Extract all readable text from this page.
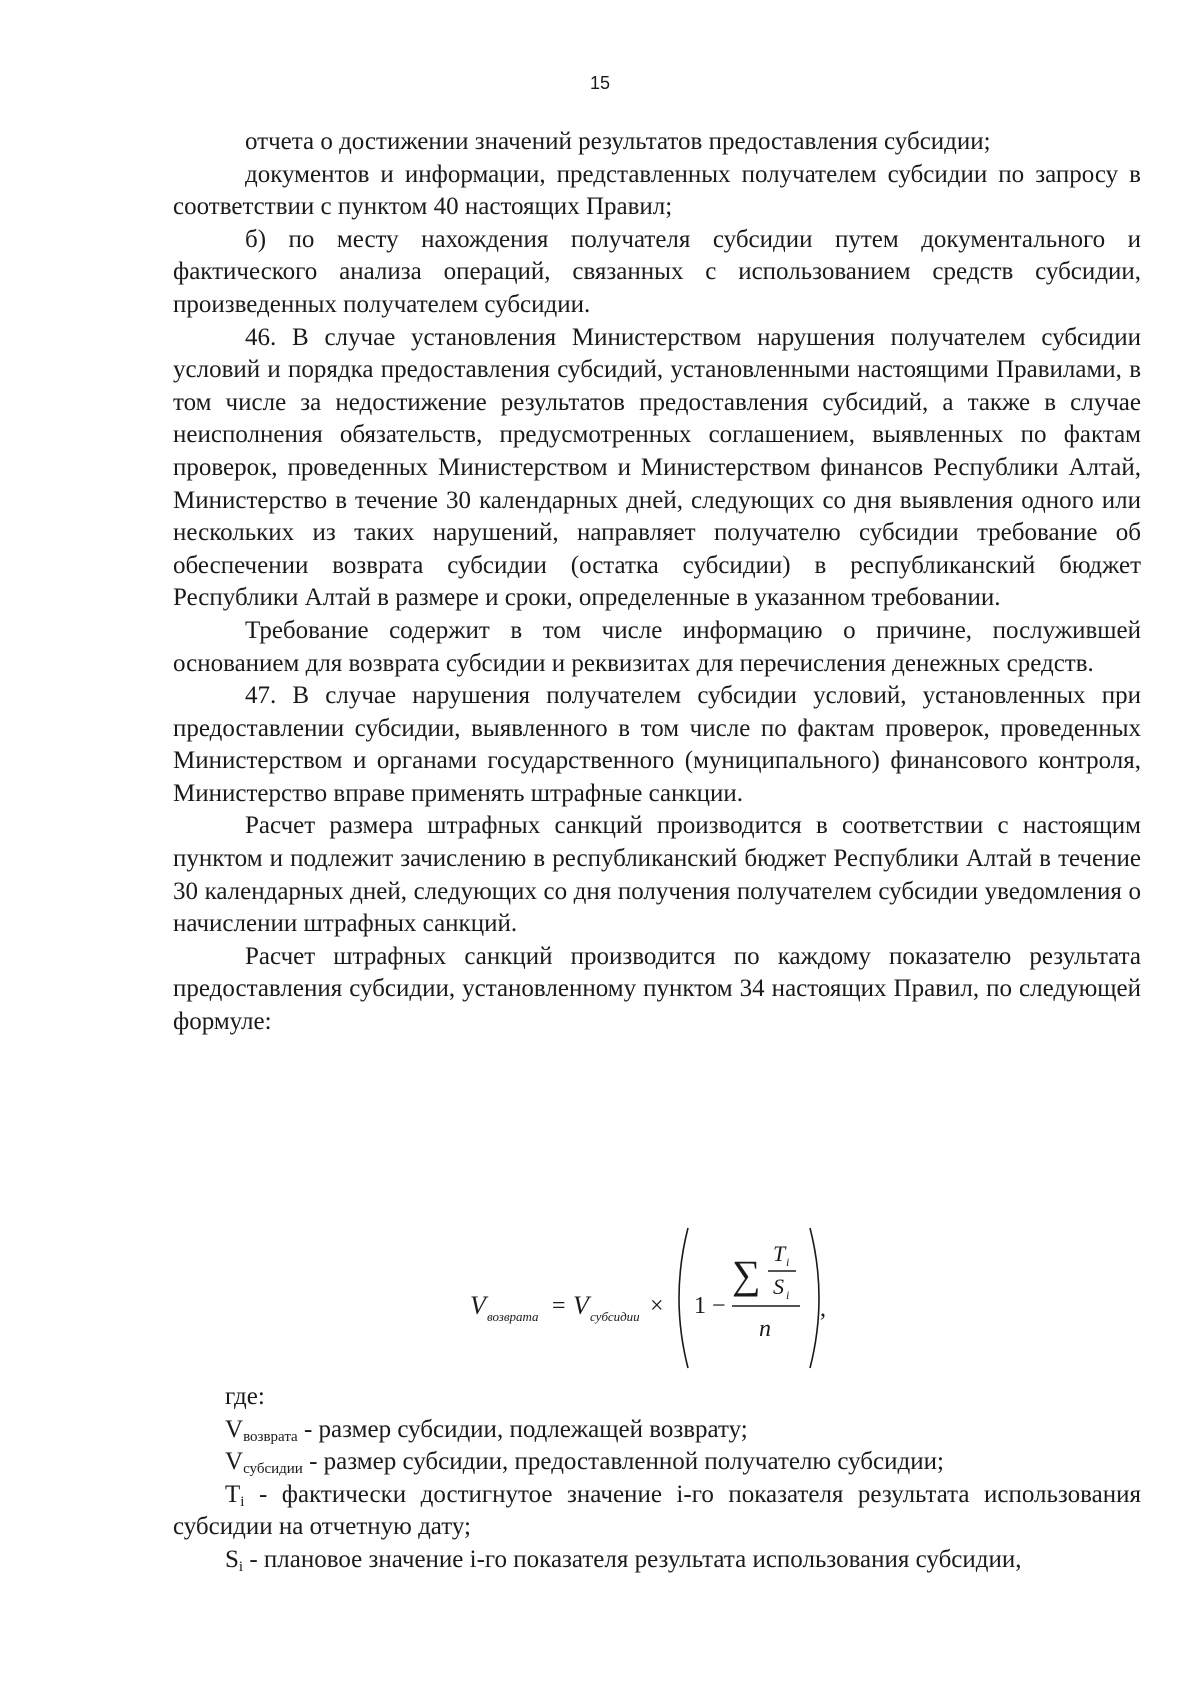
15

отчета о достижении значений результатов предоставления субсидии;

документов и информации, представленных получателем субсидии по запросу в соответствии с пунктом 40 настоящих Правил;

б) по месту нахождения получателя субсидии путем документального и фактического анализа операций, связанных с использованием средств субсидии, произведенных получателем субсидии.

46. В случае установления Министерством нарушения получателем субсидии условий и порядка предоставления субсидий, установленными настоящими Правилами, в том числе за недостижение результатов предоставления субсидий, а также в случае неисполнения обязательств, предусмотренных соглашением, выявленных по фактам проверок, проведенных Министерством и Министерством финансов Республики Алтай, Министерство в течение 30 календарных дней, следующих со дня выявления одного или нескольких из таких нарушений, направляет получателю субсидии требование об обеспечении возврата субсидии (остатка субсидии) в республиканский бюджет Республики Алтай в размере и сроки, определенные в указанном требовании.

Требование содержит в том числе информацию о причине, послужившей основанием для возврата субсидии и реквизитах для перечисления денежных средств.

47. В случае нарушения получателем субсидии условий, установленных при предоставлении субсидии, выявленного в том числе по фактам проверок, проведенных Министерством и органами государственного (муниципального) финансового контроля, Министерство вправе применять штрафные санкции.

Расчет размера штрафных санкций производится в соответствии с настоящим пунктом и подлежит зачислению в республиканский бюджет Республики Алтай в течение 30 календарных дней, следующих со дня получения получателем субсидии уведомления о начислении штрафных санкций.

Расчет штрафных санкций производится по каждому показателю результата предоставления субсидии, установленному пунктом 34 настоящих Правил, по следующей формуле:

V возврата = V субсидии × 1 −
∑ T i
S i
n
,

где:

$V_{возврата}$ - размер субсидии, подлежащей возврату;

$V_{субсидии}$ - размер субсидии, предоставленной получателю субсидии;

$T_i$ - фактически достигнутое значение i-го показателя результата использования субсидии на отчетную дату;

$S_i$ - плановое значение i-го показателя результата использования субсидии,
